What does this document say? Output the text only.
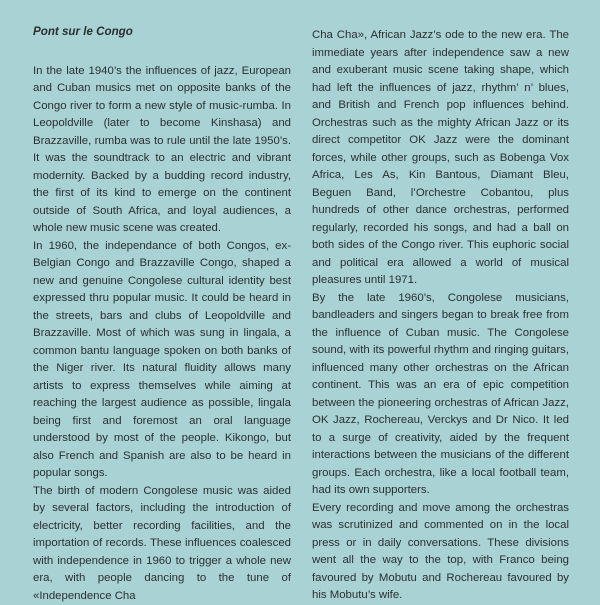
Pont sur le Congo

In the late 1940’s the influences of jazz, European and Cuban musics met on opposite banks of the Congo river to form a new style of music-rumba. In Leopoldville (later to become Kinshasa) and Brazzaville, rumba was to rule until the late 1950’s. It was the soundtrack to an electric and vibrant modernity. Backed by a budding record industry, the first of its kind to emerge on the continent outside of South Africa, and loyal audiences, a whole new music scene was created.

In 1960, the independance of both Congos, ex-Belgian Congo and Brazzaville Congo, shaped a new and genuine Congolese cultural identity best expressed thru popular music. It could be heard in the streets, bars and clubs of Leopoldville and Brazzaville. Most of which was sung in lingala, a common bantu language spoken on both banks of the Niger river. Its natural fluidity allows many artists to express themselves while aiming at reaching the largest audience as possible, lingala being first and foremost an oral language understood by most of the people. Kikongo, but also French and Spanish are also to be heard in popular songs.

The birth of modern Congolese music was aided by several factors, including the introduction of electricity, better recording facilities, and the importation of records. These influences coalesced with independence in 1960 to trigger a whole new era, with people dancing to the tune of «Independence Cha

Cha Cha», African Jazz’s ode to the new era. The immediate years after independence saw a new and exuberant music scene taking shape, which had left the influences of jazz, rhythm’ n’ blues, and British and French pop influences behind. Orchestras such as the mighty African Jazz or its direct competitor OK Jazz were the dominant forces, while other groups, such as Bobenga Vox Africa, Les As, Kin Bantous, Diamant Bleu, Beguen Band, l’Orchestre Cobantou, plus hundreds of other dance orchestras, performed regularly, recorded his songs, and had a ball on both sides of the Congo river. This euphoric social and political era allowed a world of musical pleasures until 1971.

By the late 1960’s, Congolese musicians, bandleaders and singers began to break free from the influence of Cuban music. The Congolese sound, with its powerful rhythm and ringing guitars, influenced many other orchestras on the African continent. This was an era of epic competition between the pioneering orchestras of African Jazz, OK Jazz, Rochereau, Verckys and Dr Nico. It led to a surge of creativity, aided by the frequent interactions between the musicians of the different groups. Each orchestra, like a local football team, had its own supporters.

Every recording and move among the orchestras was scrutinized and commented on in the local press or in daily conversations. These divisions went all the way to the top, with Franco being favoured by Mobutu and Rochereau favoured by his Mobutu’s wife.
